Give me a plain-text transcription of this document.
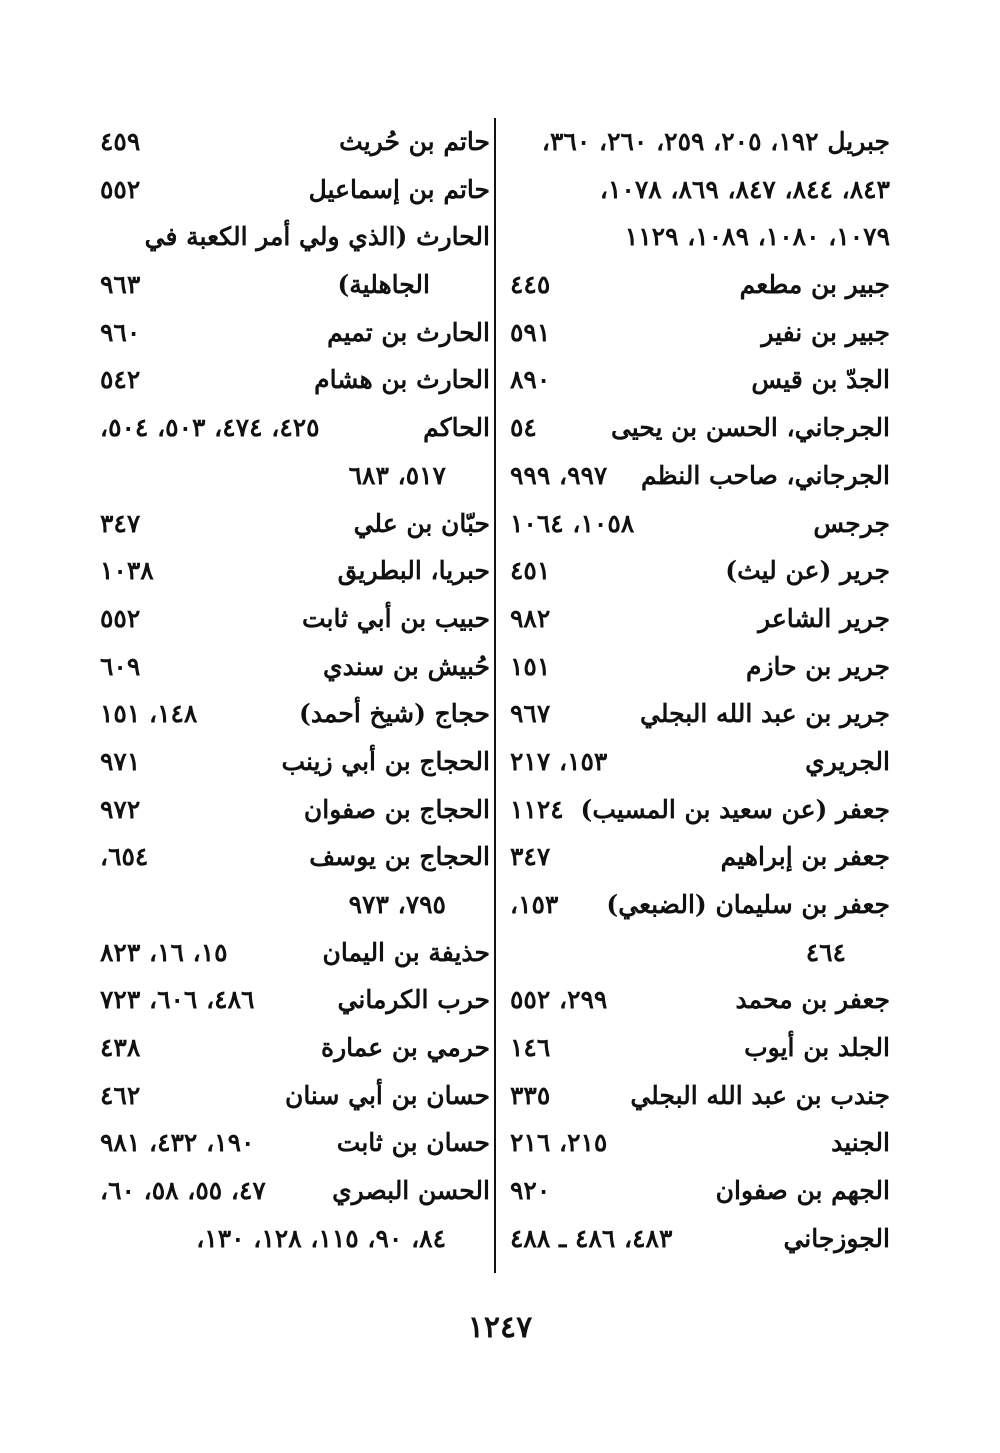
جبريل ١٩٢، ٢٠٥، ٢٥٩، ٢٦٠، ٣٦٠،
٨٤٣، ٨٤٤، ٨٤٧، ٨٦٩، ١٠٧٨،
١٠٧٩، ١٠٨٠، ١٠٨٩، ١١٢٩
جبير بن مطعم
٤٤٥
جبير بن نفير
٥٩١
الجدّ بن قيس
٨٩٠
الجرجاني، الحسن بن يحيى
٥٤
الجرجاني، صاحب النظم
٩٩٧، ٩٩٩
جرجس
١٠٥٨، ١٠٦٤
جرير (عن ليث)
٤٥١
جرير الشاعر
٩٨٢
جرير بن حازم
١٥١
جرير بن عبد الله البجلي
٩٦٧
الجريري
١٥٣، ٢١٧
جعفر (عن سعيد بن المسيب)
١١٢٤
جعفر بن إبراهيم
٣٤٧
جعفر بن سليمان (الضبعي)
١٥٣،
٤٦٤
جعفر بن محمد
٢٩٩، ٥٥٢
الجلد بن أيوب
١٤٦
جندب بن عبد الله البجلي
٣٣٥
الجنيد
٢١٥، ٢١٦
الجهم بن صفوان
٩٢٠
الجوزجاني
٤٨٣، ٤٨٦ ـ ٤٨٨
حاتم بن حُريث
٤٥٩
حاتم بن إسماعيل
٥٥٢
الحارث (الذي ولي أمر الكعبة في
الجاهلية)
٩٦٣
الحارث بن تميم
٩٦٠
الحارث بن هشام
٥٤٢
الحاكم
٤٢٥، ٤٧٤، ٥٠٣، ٥٠٤،
٥١٧، ٦٨٣
حبّان بن علي
٣٤٧
حبريا، البطريق
١٠٣٨
حبيب بن أبي ثابت
٥٥٢
حُبيش بن سندي
٦٠٩
حجاج (شيخ أحمد)
١٤٨، ١٥١
الحجاج بن أبي زينب
٩٧١
الحجاج بن صفوان
٩٧٢
الحجاج بن يوسف
٦٥٤،
٧٩٥، ٩٧٣
حذيفة بن اليمان
١٥، ١٦، ٨٢٣
حرب الكرماني
٤٨٦، ٦٠٦، ٧٢٣
حرمي بن عمارة
٤٣٨
حسان بن أبي سنان
٤٦٢
حسان بن ثابت
١٩٠، ٤٣٢، ٩٨١
الحسن البصري
٤٧، ٥٥، ٥٨، ٦٠،
٨٤، ٩٠، ١١٥، ١٢٨، ١٣٠،
١٢٤٧
